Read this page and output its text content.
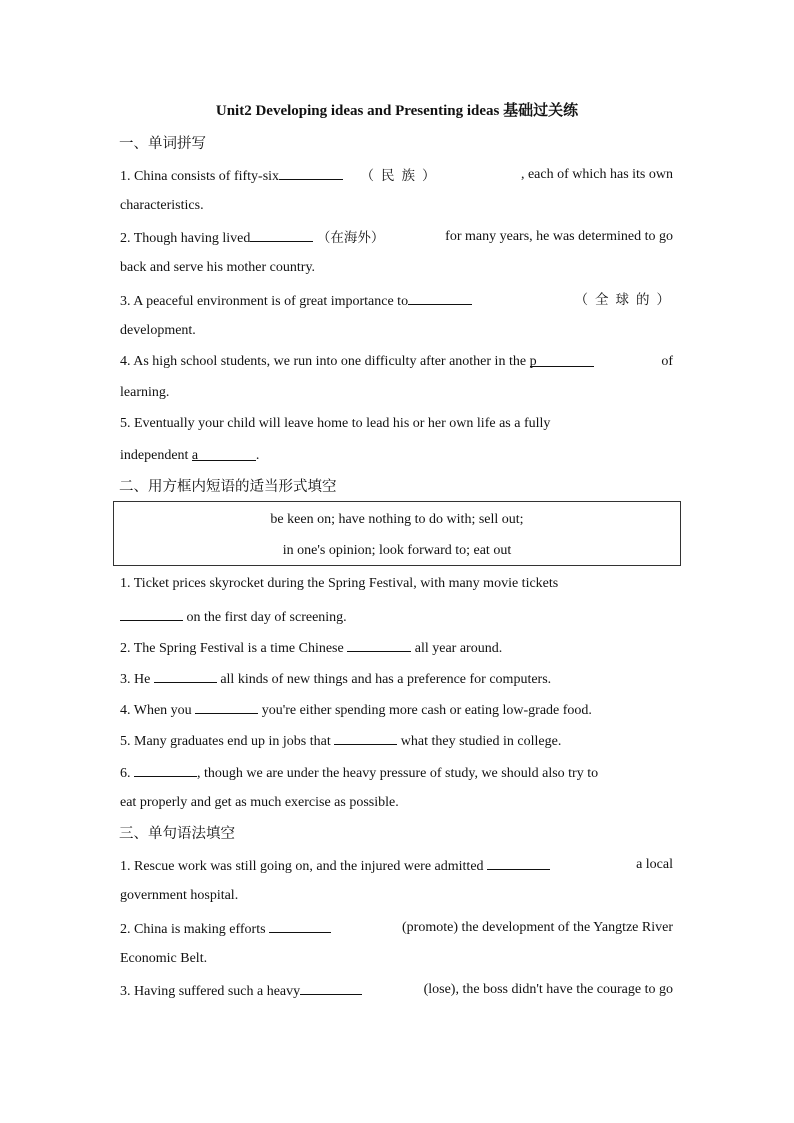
Unit2 Developing ideas and Presenting ideas 基础过关练
一、单词拼写
1. China consists of fifty-six	（民族）	, each of which has its own
characteristics.
2. Though having lived	（在海外）	for many years, he was determined to go
back and serve his mother country.
3. A peaceful environment is of great importance to	（全球的）
development.
4. As high school students, we run into one difficulty after another in the p	of
learning.
5. Eventually your child will leave home to lead his or her own life as a fully
independent a	.
二、用方框内短语的适当形式填空
be keen on; have nothing to do with; sell out;
in one's opinion; look forward to; eat out
1. Ticket prices skyrocket during the Spring Festival, with many movie tickets
on the first day of screening.
2. The Spring Festival is a time Chinese	all year around.
3. He	all kinds of new things and has a preference for computers.
4. When you	you're either spending more cash or eating low-grade food.
5. Many graduates end up in jobs that	what they studied in college.
6.	, though we are under the heavy pressure of study, we should also try to
eat properly and get as much exercise as possible.
三、单句语法填空
1. Rescue work was still going on, and the injured were admitted	a local
government hospital.
2. China is making efforts	(promote) the development of the Yangtze River
Economic Belt.
3. Having suffered such a heavy	(lose), the boss didn't have the courage to go
